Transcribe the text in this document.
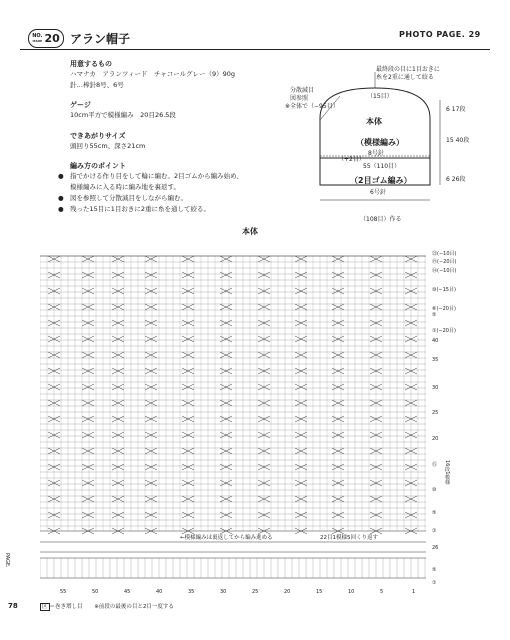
NO.
ISSUE 20 アラン帽子	PHOTO PAGE. 29
用意するもの
ハマナカ　アランツィード　チャコールグレー（9）90g
針…棒針8号、6号
ゲージ
10cm平方で模様編み　20目26.5段
できあがりサイズ
頭回り55cm、深さ21cm
編み方のポイント
● 指でかける作り目をして輪に編む。2目ゴムから編み始め、
模様編みに入る時に編み地を裏返す。
● 図を参照して分散減目をしながら編む。
● 残った15目に1目おきに2重に糸を通して絞る。
最終段の目に1目おきに
糸を2重に通して絞る
分散減目
図参照
※全体で（−95目）
（15目）
本体
（模様編み）
8号針
（+2目）
55（110目）
（2目ゴム編み）
6号針
（108目）作る
6 17段
15 40段
6 26段
本体
㉓(−10目)
⑲(−20目)
⑭(−10目)
⑩(−15目)
⑥(−20目)
⑤
①(−20目)
40
35
30
25
20
⑮
⑩
⑤
①
26
⑤
①
16段1模様
←模様編みは裏返してから編み進める	22目1模様5回くり返す
55	50	45	40	35	30	25	20	15	10	5	1
PAGE.
78	区 ＝巻き増し目 ※前段の最後の目と2目一度する
